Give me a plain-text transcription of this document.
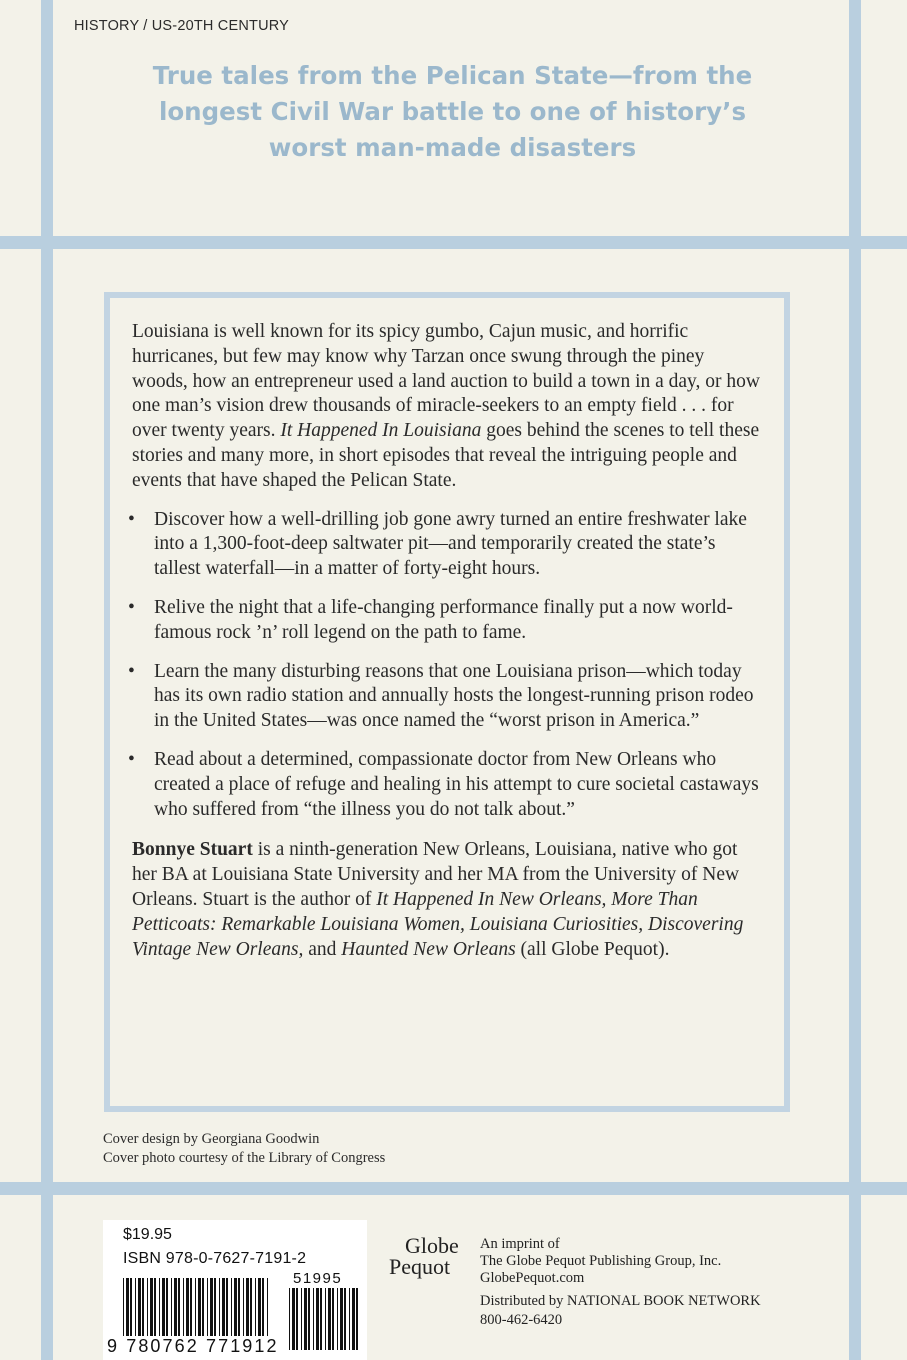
HISTORY / US-20TH CENTURY
True tales from the Pelican State—from the
longest Civil War battle to one of history’s
worst man-made disasters

Louisiana is well known for its spicy gumbo, Cajun music, and horrific hurricanes, but few may know why Tarzan once swung through the piney woods, how an entrepreneur used a land auction to build a town in a day, or how one man’s vision drew thousands of miracle-seekers to an empty field . . . for over twenty years. It Happened In Louisiana goes behind the scenes to tell these stories and many more, in short episodes that reveal the intriguing people and events that have shaped the Pelican State.

• Discover how a well-drilling job gone awry turned an entire freshwater lake into a 1,300-foot-deep saltwater pit—and temporarily created the state’s tallest waterfall—in a matter of forty-eight hours.
• Relive the night that a life-changing performance finally put a now world-famous rock ’n’ roll legend on the path to fame.
• Learn the many disturbing reasons that one Louisiana prison—which today has its own radio station and annually hosts the longest-running prison rodeo in the United States—was once named the “worst prison in America.”
• Read about a determined, compassionate doctor from New Orleans who created a place of refuge and healing in his attempt to cure societal castaways who suffered from “the illness you do not talk about.”

Bonnye Stuart is a ninth-generation New Orleans, Louisiana, native who got her BA at Louisiana State University and her MA from the University of New Orleans. Stuart is the author of It Happened In New Orleans, More Than Petticoats: Remarkable Louisiana Women, Louisiana Curiosities, Discovering Vintage New Orleans, and Haunted New Orleans (all Globe Pequot).

Cover design by Georgiana Goodwin
Cover photo courtesy of the Library of Congress
$19.95
ISBN 978-0-7627-7191-2
51995
9 780762 771912
Globe
Pequot
An imprint of
The Globe Pequot Publishing Group, Inc.
GlobePequot.com
Distributed by NATIONAL BOOK NETWORK
800-462-6420
